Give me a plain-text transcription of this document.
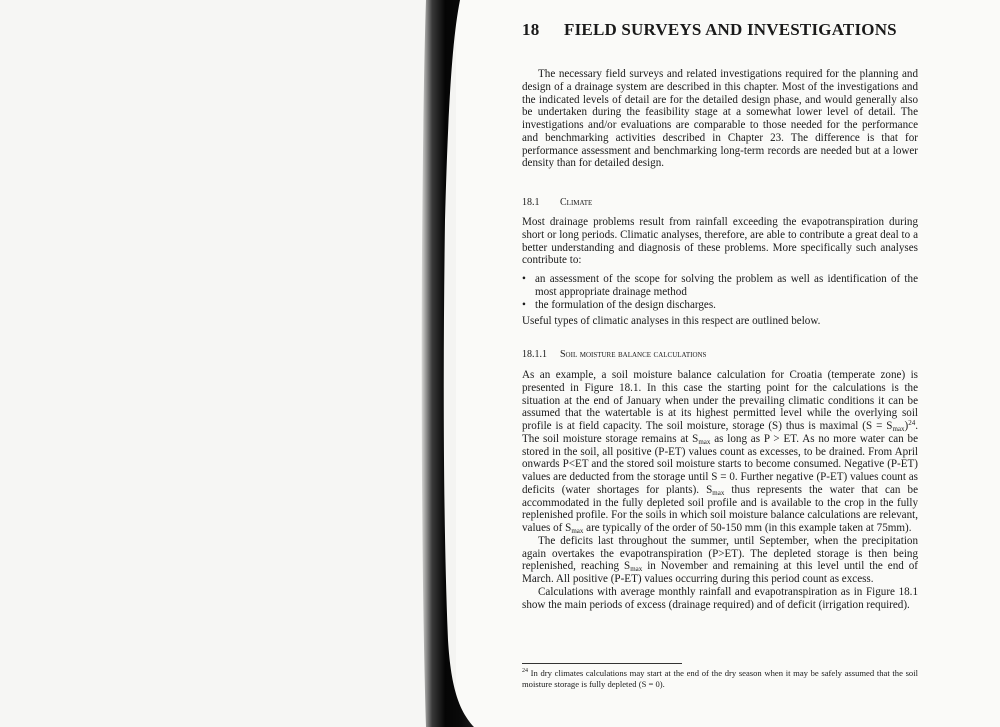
18 FIELD SURVEYS AND INVESTIGATIONS

The necessary field surveys and related investigations required for the planning and design of a drainage system are described in this chapter. Most of the investigations and the indicated levels of detail are for the detailed design phase, and would generally also be undertaken during the feasibility stage at a somewhat lower level of detail. The investigations and/or evaluations are comparable to those needed for the performance and benchmarking activities described in Chapter 23. The difference is that for performance assessment and benchmarking long-term records are needed but at a lower density than for detailed design.

18.1 Climate

Most drainage problems result from rainfall exceeding the evapotranspiration during short or long periods. Climatic analyses, therefore, are able to contribute a great deal to a better understanding and diagnosis of these problems. More specifically such analyses contribute to:

• an assessment of the scope for solving the problem as well as identification of the most appropriate drainage method
• the formulation of the design discharges.

Useful types of climatic analyses in this respect are outlined below.

18.1.1 Soil moisture balance calculations

As an example, a soil moisture balance calculation for Croatia (temperate zone) is presented in Figure 18.1. In this case the starting point for the calculations is the situation at the end of January when under the prevailing climatic conditions it can be assumed that the watertable is at its highest permitted level while the overlying soil profile is at field capacity. The soil moisture, storage (S) thus is maximal $(S = S_{max})^{24}$. The soil moisture storage remains at $S_{max}$ as long as P > ET. As no more water can be stored in the soil, all positive (P-ET) values count as excesses, to be drained. From April onwards P<ET and the stored soil moisture starts to become consumed. Negative (P-ET) values are deducted from the storage until S = 0. Further negative (P-ET) values count as deficits (water shortages for plants). $S_{max}$ thus represents the water that can be accommodated in the fully depleted soil profile and is available to the crop in the fully replenished profile. For the soils in which soil moisture balance calculations are relevant, values of $S_{max}$ are typically of the order of 50-150 mm (in this example taken at 75mm).

The deficits last throughout the summer, until September, when the precipitation again overtakes the evapotranspiration (P>ET). The depleted storage is then being replenished, reaching $S_{max}$ in November and remaining at this level until the end of March. All positive (P-ET) values occurring during this period count as excess.

Calculations with average monthly rainfall and evapotranspiration as in Figure 18.1 show the main periods of excess (drainage required) and of deficit (irrigation required).

$^{24}$ In dry climates calculations may start at the end of the dry season when it may be safely assumed that the soil moisture storage is fully depleted (S = 0).
